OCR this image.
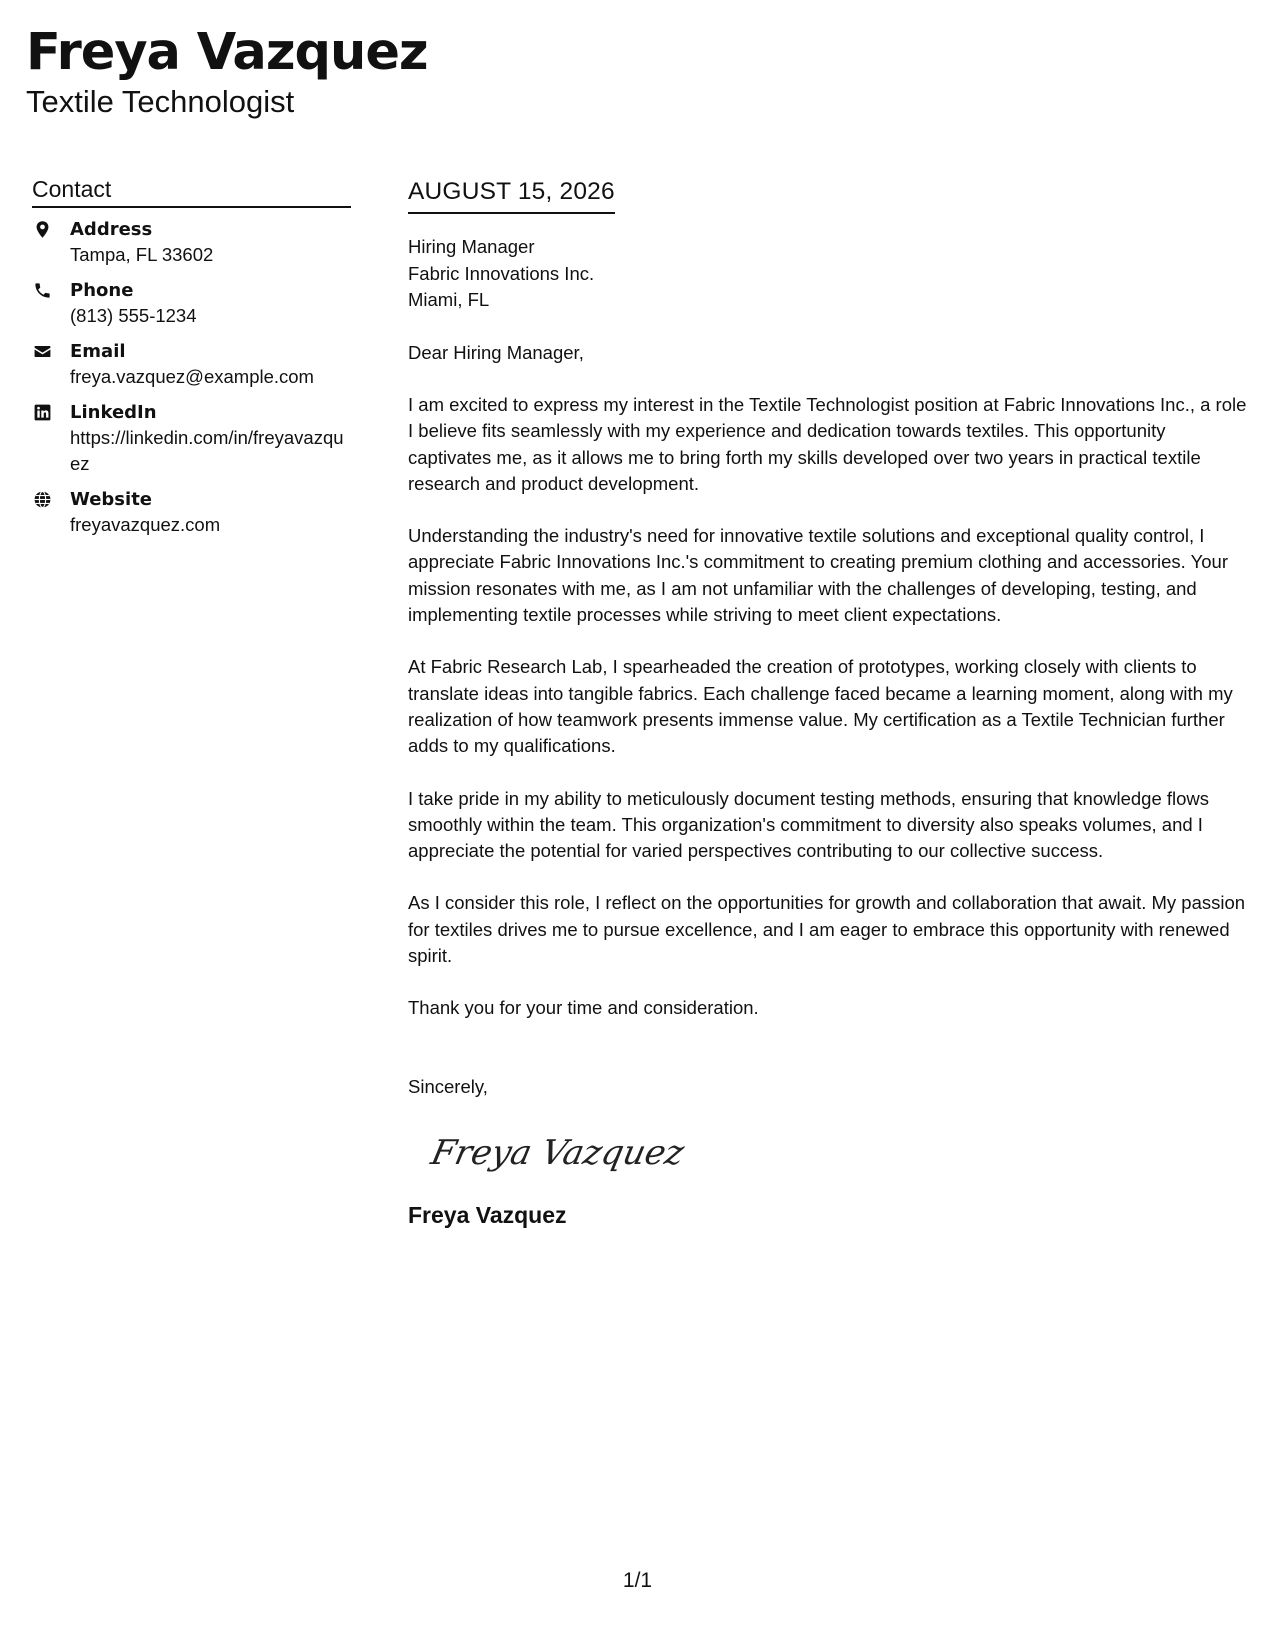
Freya Vazquez
Textile Technologist
Contact
Address
Tampa, FL 33602
Phone
(813) 555-1234
Email
freya.vazquez@example.com
LinkedIn
https://linkedin.com/in/freyavazquez
Website
freyavazquez.com
AUGUST 15, 2026
Hiring Manager
Fabric Innovations Inc.
Miami, FL
Dear Hiring Manager,
I am excited to express my interest in the Textile Technologist position at Fabric Innovations Inc., a role I believe fits seamlessly with my experience and dedication towards textiles. This opportunity captivates me, as it allows me to bring forth my skills developed over two years in practical textile research and product development.
Understanding the industry's need for innovative textile solutions and exceptional quality control, I appreciate Fabric Innovations Inc.'s commitment to creating premium clothing and accessories. Your mission resonates with me, as I am not unfamiliar with the challenges of developing, testing, and implementing textile processes while striving to meet client expectations.
At Fabric Research Lab, I spearheaded the creation of prototypes, working closely with clients to translate ideas into tangible fabrics. Each challenge faced became a learning moment, along with my realization of how teamwork presents immense value. My certification as a Textile Technician further adds to my qualifications.
I take pride in my ability to meticulously document testing methods, ensuring that knowledge flows smoothly within the team. This organization's commitment to diversity also speaks volumes, and I appreciate the potential for varied perspectives contributing to our collective success.
As I consider this role, I reflect on the opportunities for growth and collaboration that await. My passion for textiles drives me to pursue excellence, and I am eager to embrace this opportunity with renewed spirit.
Thank you for your time and consideration.
Sincerely,
Freya Vazquez
Freya Vazquez
1/1
